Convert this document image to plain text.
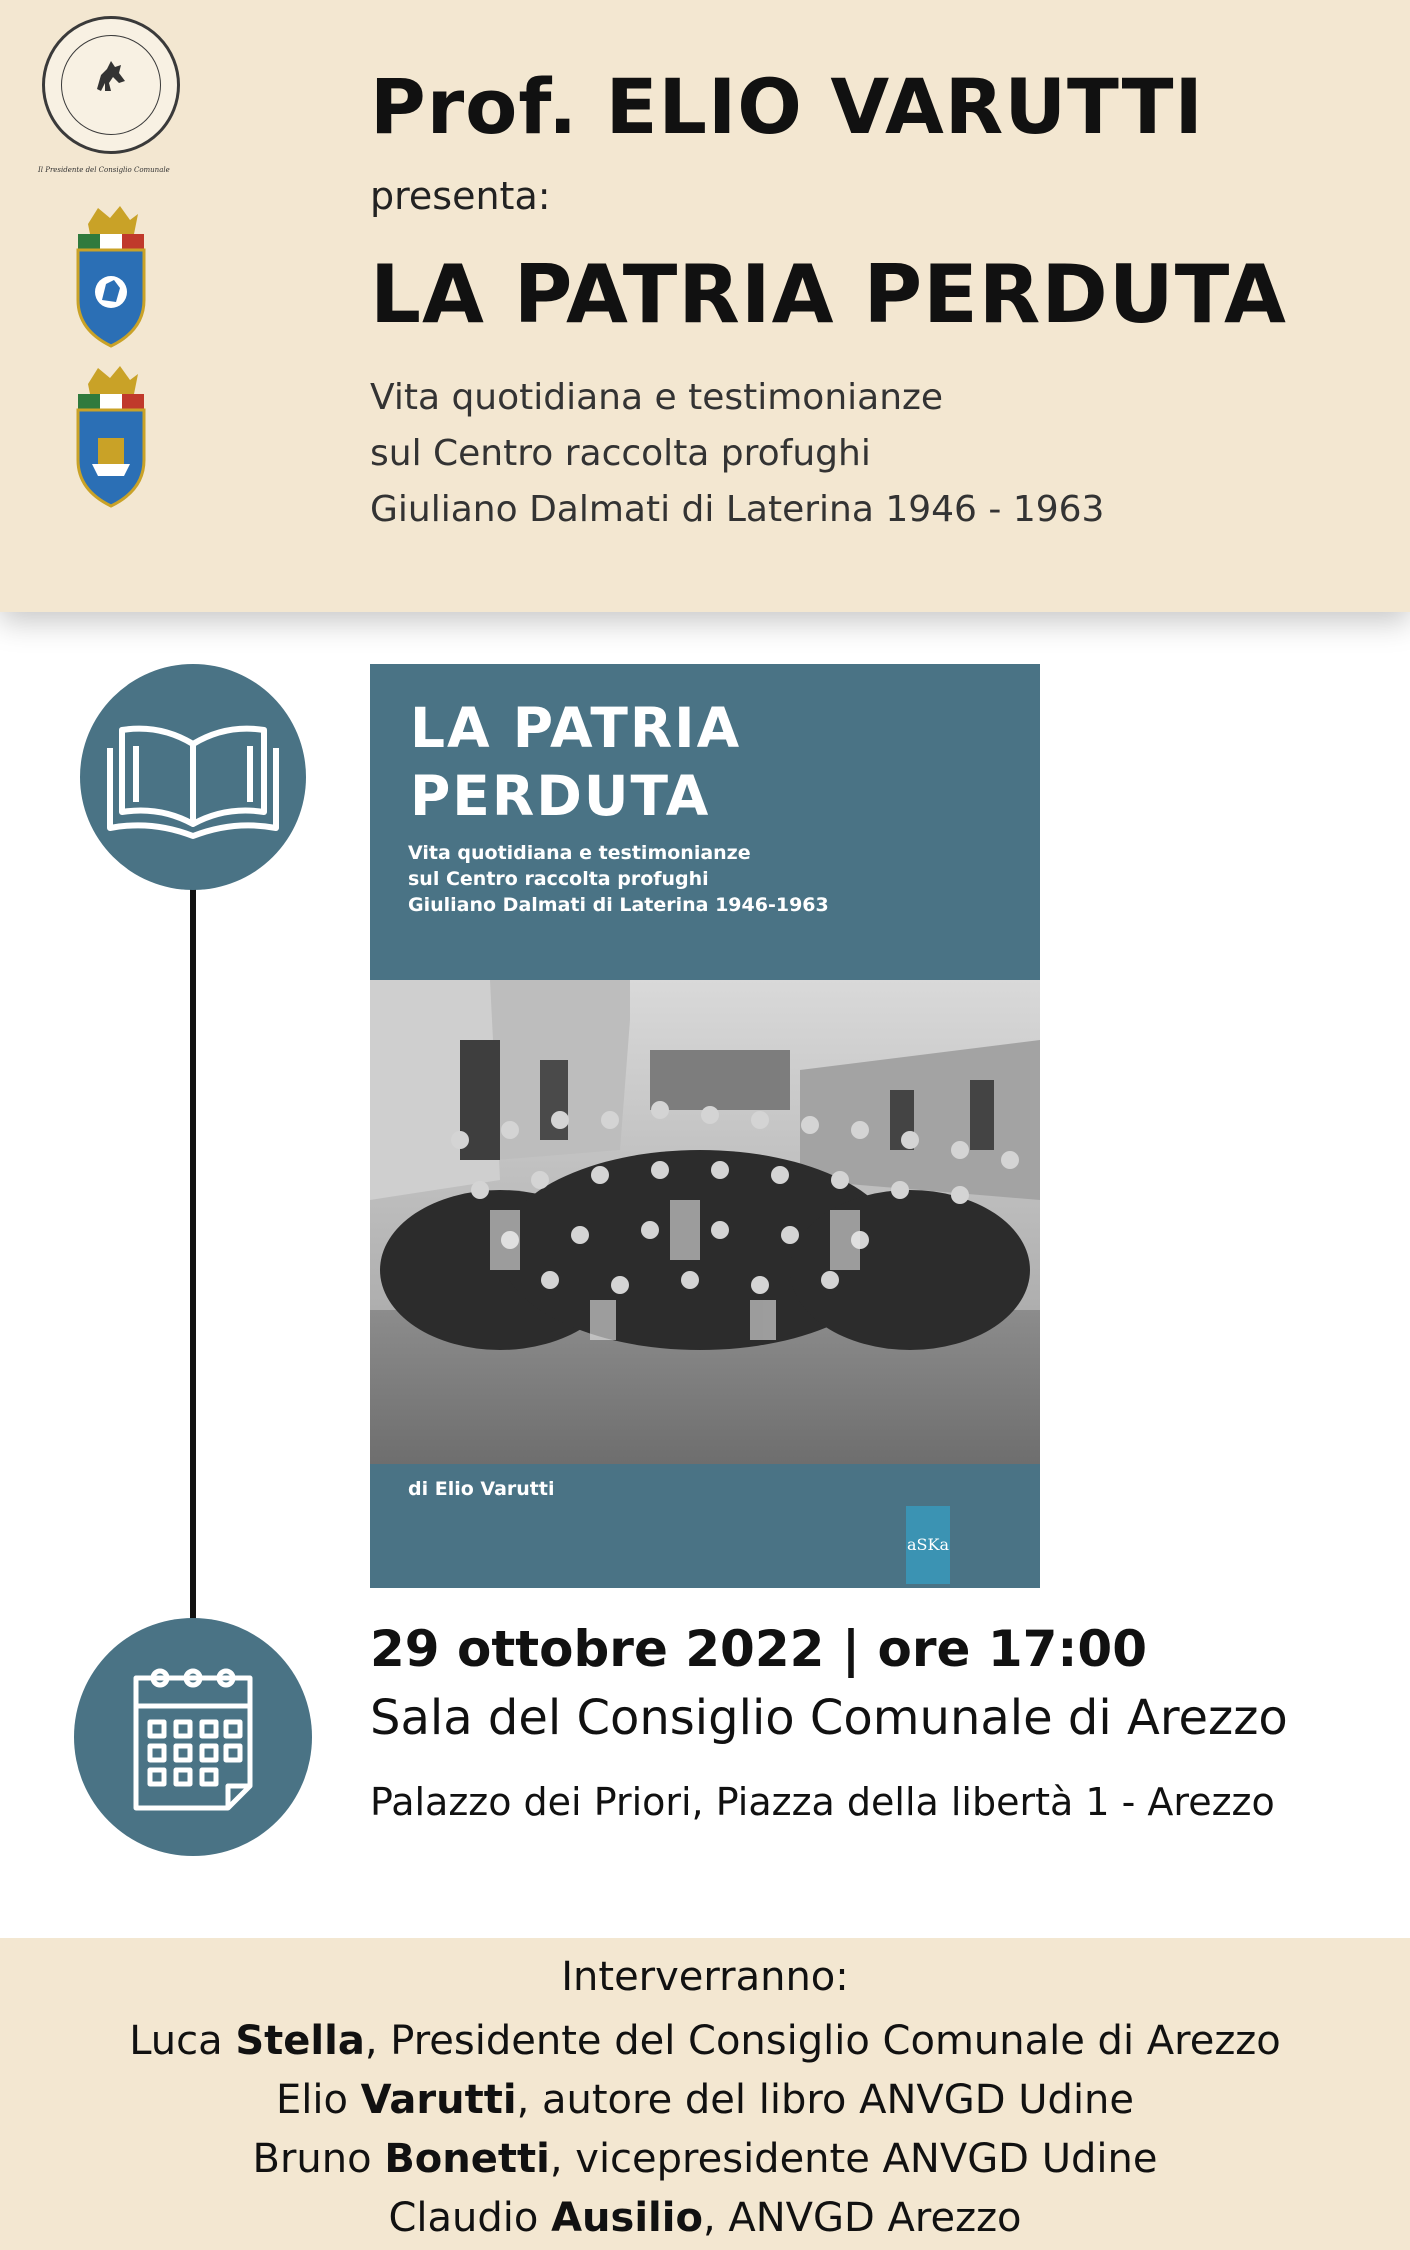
Il Presidente del Consiglio Comunale
Prof. ELIO VARUTTI
presenta:
LA PATRIA PERDUTA
Vita quotidiana e testimonianze
sul Centro raccolta profughi
Giuliano Dalmati di Laterina 1946 - 1963
LA PATRIA
PERDUTA
Vita quotidiana e testimonianze
sul Centro raccolta profughi
Giuliano Dalmati di Laterina 1946-1963
di Elio Varutti
aSKa
29 ottobre 2022 | ore 17:00
Sala del Consiglio Comunale di Arezzo
Palazzo dei Priori, Piazza della libertà 1 - Arezzo
Interverranno:
Luca Stella, Presidente del Consiglio Comunale di Arezzo
Elio Varutti, autore del libro ANVGD Udine
Bruno Bonetti, vicepresidente ANVGD Udine
Claudio Ausilio, ANVGD Arezzo
